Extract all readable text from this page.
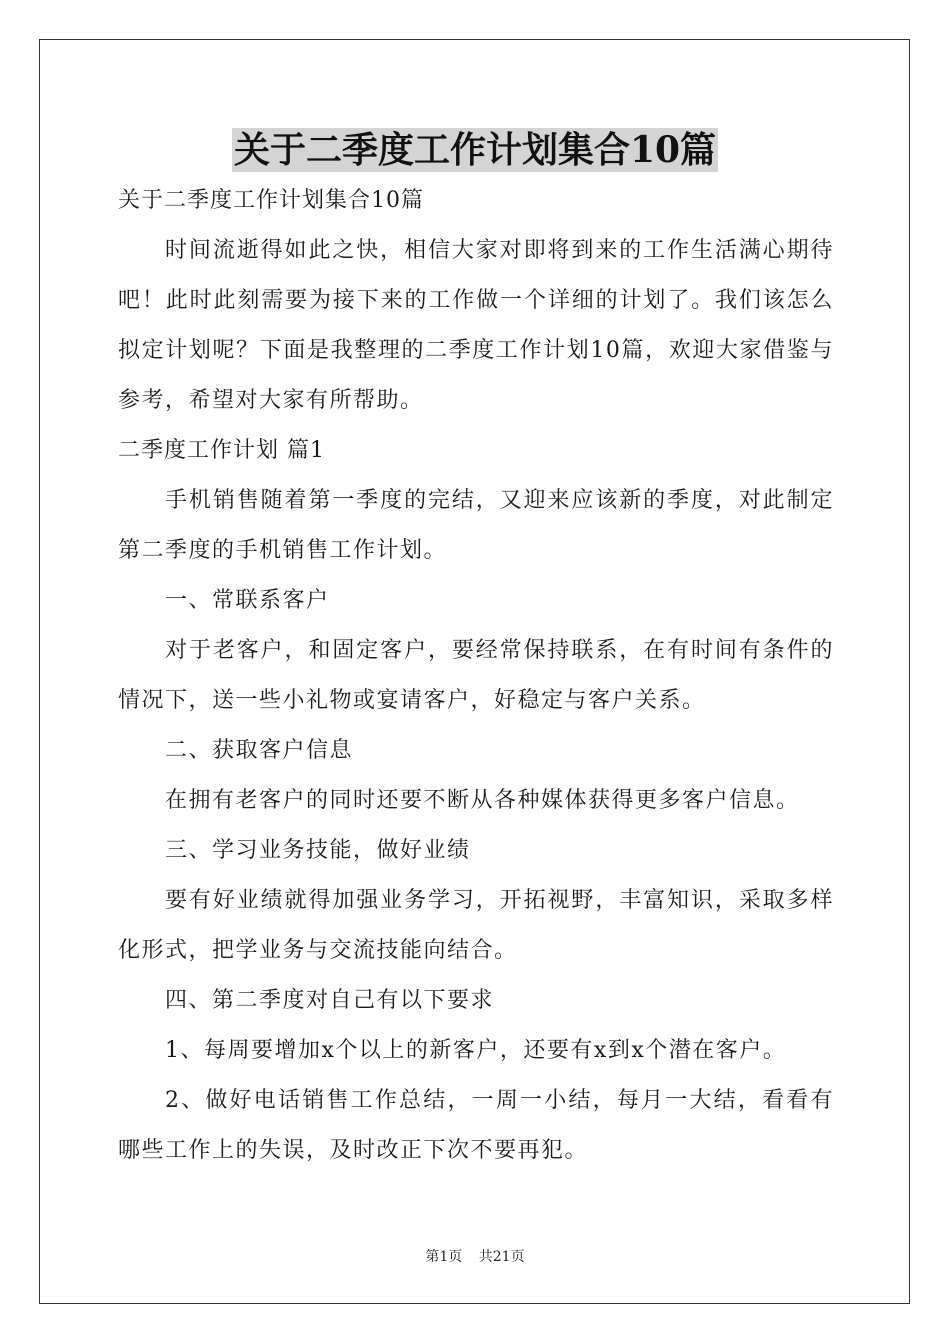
关于二季度工作计划集合10篇
关于二季度工作计划集合10篇
时间流逝得如此之快，相信大家对即将到来的工作生活满心期待吧！此时此刻需要为接下来的工作做一个详细的计划了。我们该怎么拟定计划呢？下面是我整理的二季度工作计划10篇，欢迎大家借鉴与参考，希望对大家有所帮助。
二季度工作计划 篇1
手机销售随着第一季度的完结，又迎来应该新的季度，对此制定第二季度的手机销售工作计划。
一、常联系客户
对于老客户，和固定客户，要经常保持联系，在有时间有条件的情况下，送一些小礼物或宴请客户，好稳定与客户关系。
二、获取客户信息
在拥有老客户的同时还要不断从各种媒体获得更多客户信息。
三、学习业务技能，做好业绩
要有好业绩就得加强业务学习，开拓视野，丰富知识，采取多样化形式，把学业务与交流技能向结合。
四、第二季度对自己有以下要求
1、每周要增加x个以上的新客户，还要有x到x个潜在客户。
2、做好电话销售工作总结，一周一小结，每月一大结，看看有哪些工作上的失误，及时改正下次不要再犯。
第1页 共21页
